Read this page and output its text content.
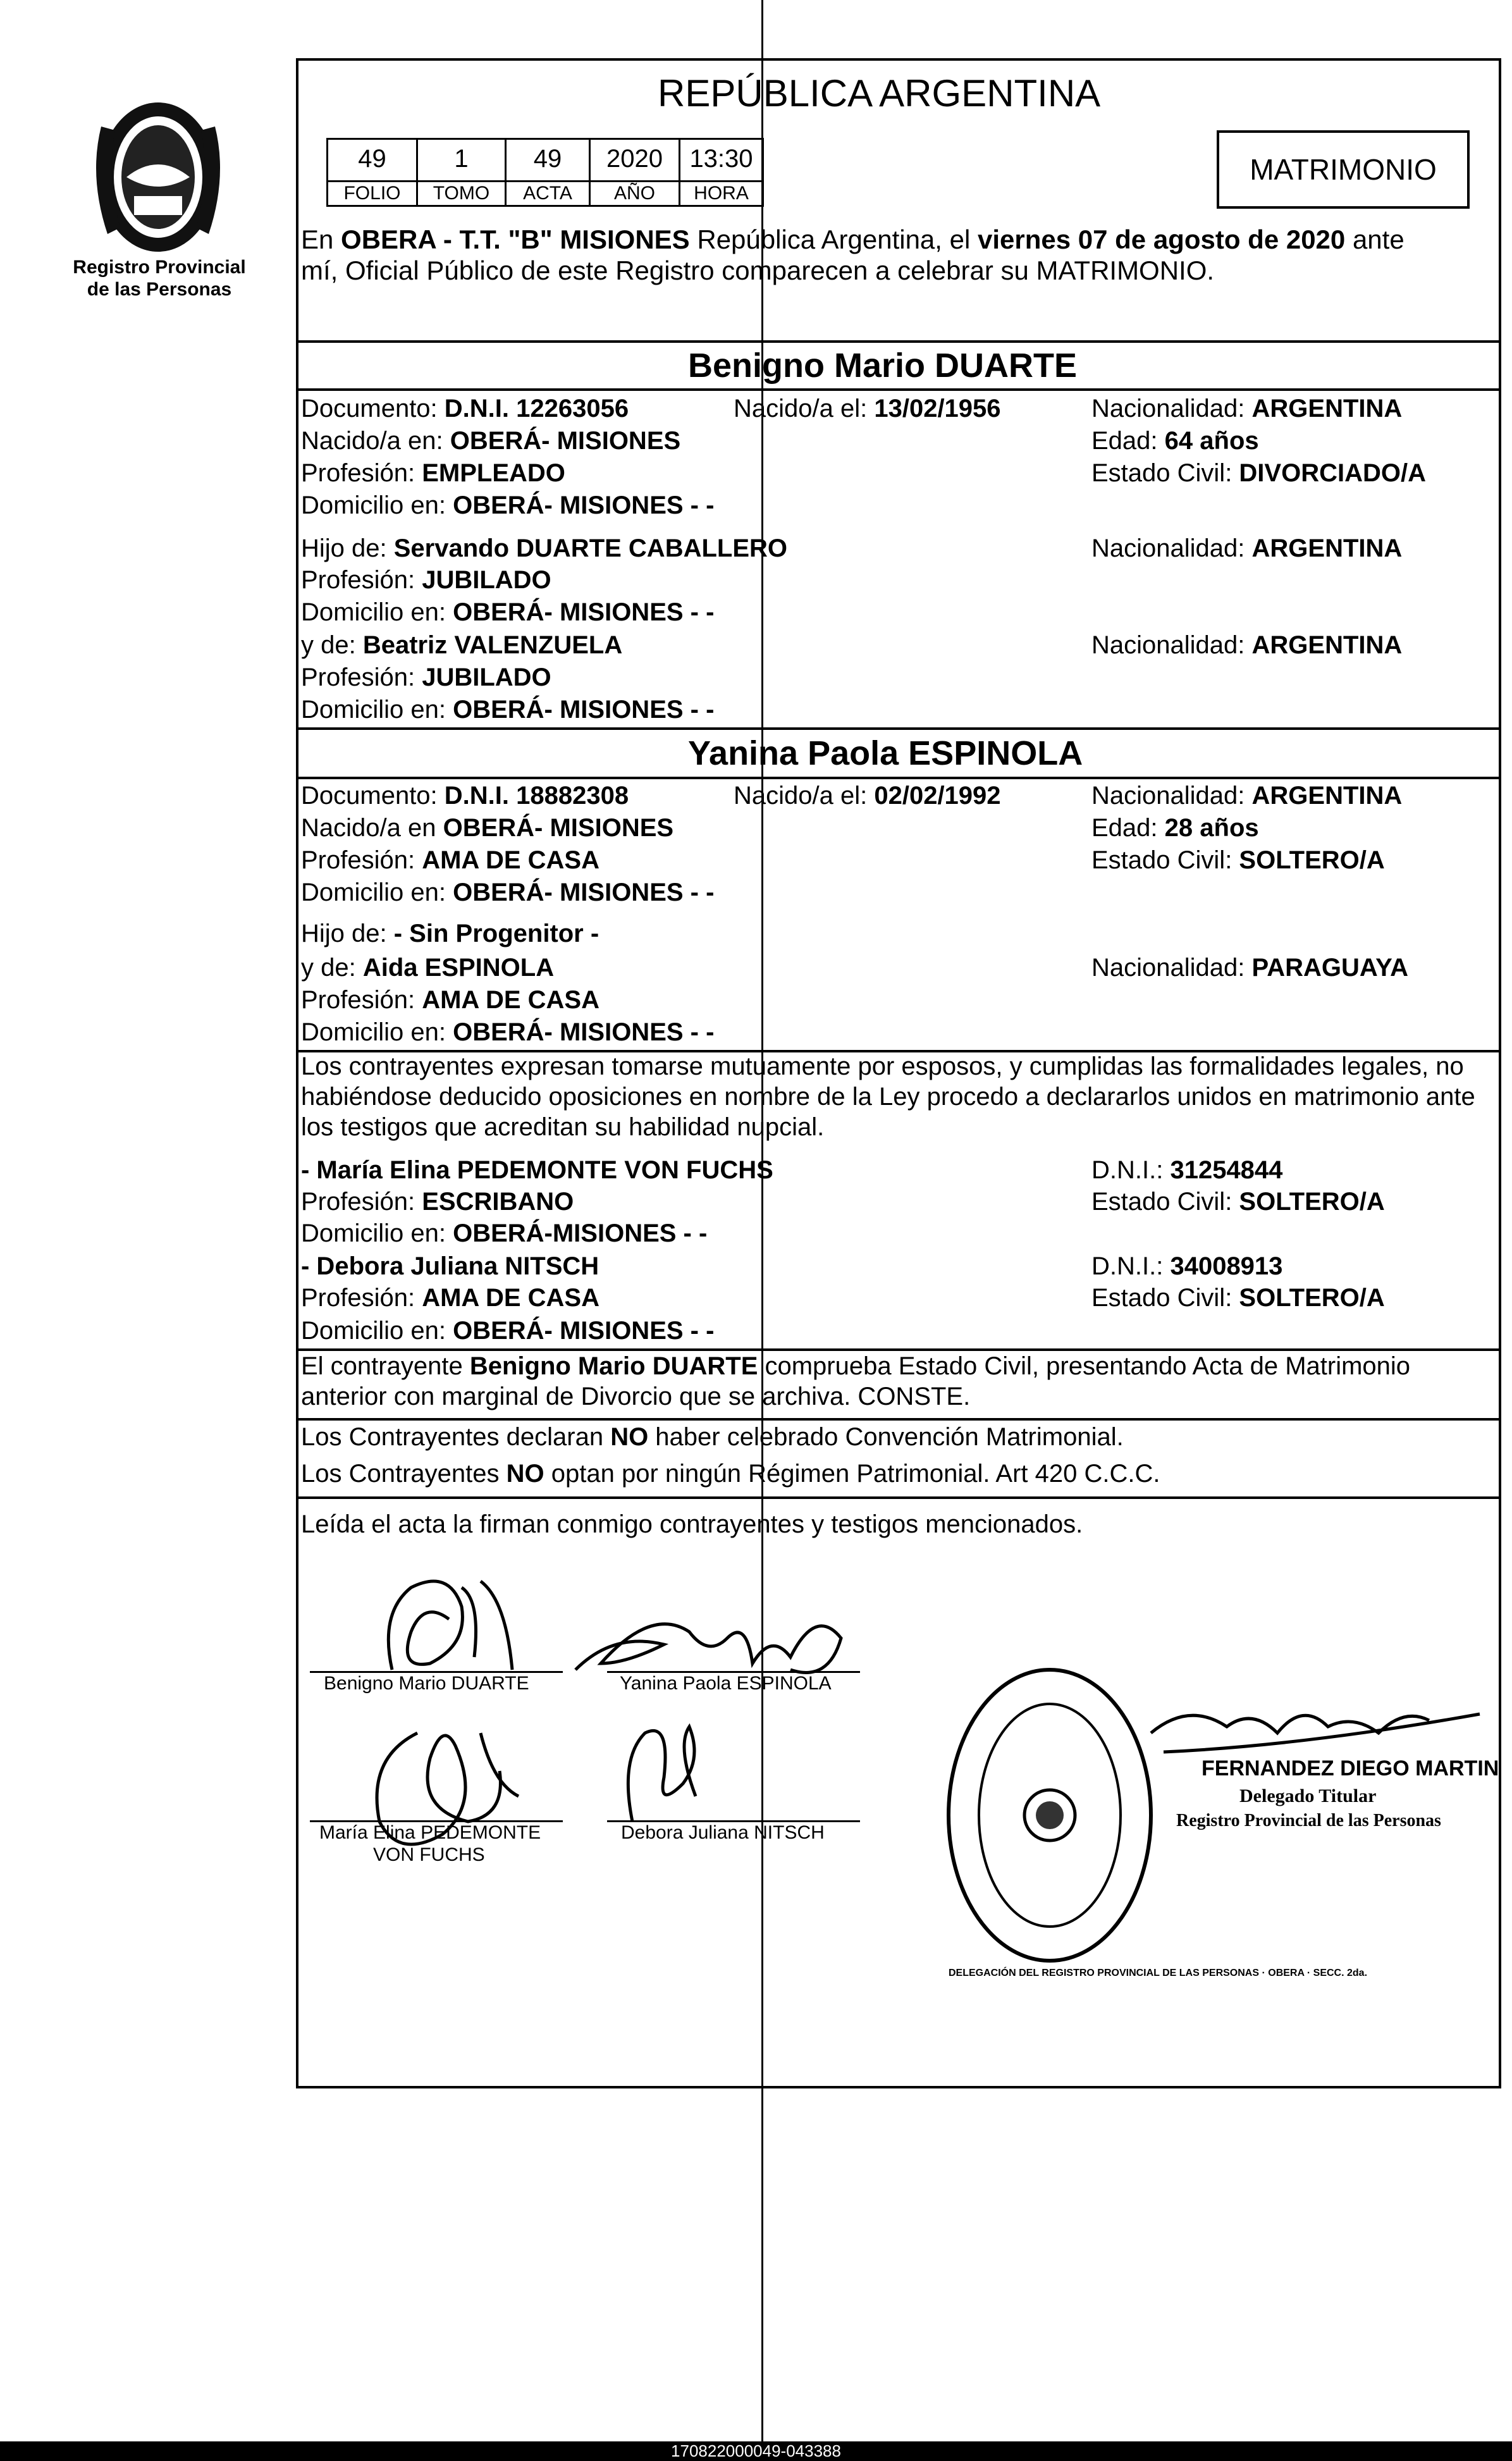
Registro Provincial
de las Personas
REPÚBLICA ARGENTINA
49	1	49	2020	13:30
FOLIO	TOMO	ACTA	AÑO	HORA
MATRIMONIO
En OBERA - T.T. "B" MISIONES República Argentina, el viernes 07 de agosto de 2020 ante
mí, Oficial Público de este Registro comparecen a celebrar su MATRIMONIO.
Benigno Mario DUARTE
Documento: D.N.I. 12263056	Nacido/a el: 13/02/1956	Nacionalidad: ARGENTINA
Nacido/a en: OBERÁ- MISIONES	Edad: 64 años
Profesión: EMPLEADO	Estado Civil: DIVORCIADO/A
Domicilio en: OBERÁ- MISIONES - -
Hijo de: Servando DUARTE CABALLERO	Nacionalidad: ARGENTINA
Profesión: JUBILADO
Domicilio en: OBERÁ- MISIONES - -
y de: Beatriz VALENZUELA	Nacionalidad: ARGENTINA
Profesión: JUBILADO
Domicilio en: OBERÁ- MISIONES - -
Yanina Paola ESPINOLA
Documento: D.N.I. 18882308	Nacido/a el: 02/02/1992	Nacionalidad: ARGENTINA
Nacido/a en OBERÁ- MISIONES	Edad: 28 años
Profesión: AMA DE CASA	Estado Civil: SOLTERO/A
Domicilio en: OBERÁ- MISIONES - -
Hijo de: - Sin Progenitor -
y de: Aida ESPINOLA	Nacionalidad: PARAGUAYA
Profesión: AMA DE CASA
Domicilio en: OBERÁ- MISIONES - -
Los contrayentes expresan tomarse mutuamente por esposos, y cumplidas las formalidades legales, no
habiéndose deducido oposiciones en nombre de la Ley procedo a declararlos unidos en matrimonio ante
los testigos que acreditan su habilidad nupcial.
- María Elina PEDEMONTE VON FUCHS	D.N.I.: 31254844
Profesión: ESCRIBANO	Estado Civil: SOLTERO/A
Domicilio en: OBERÁ-MISIONES - -
- Debora Juliana NITSCH	D.N.I.: 34008913
Profesión: AMA DE CASA	Estado Civil: SOLTERO/A
Domicilio en: OBERÁ- MISIONES - -
El contrayente Benigno Mario DUARTE comprueba Estado Civil, presentando Acta de Matrimonio
anterior con marginal de Divorcio que se archiva. CONSTE.
Los Contrayentes declaran NO haber celebrado Convención Matrimonial.
Los Contrayentes NO optan por ningún Régimen Patrimonial. Art 420 C.C.C.
Leída el acta la firman conmigo contrayentes y testigos mencionados.
Benigno Mario DUARTE	Yanina Paola ESPINOLA
María Elina PEDEMONTE
VON FUCHS
Debora Juliana NITSCH
DELEGACIÓN DEL REGISTRO PROVINCIAL DE LAS PERSONAS · OBERA · SECC. 2da.
FERNANDEZ DIEGO MARTIN
Delegado Titular
Registro Provincial de las Personas
170822000049-043388
